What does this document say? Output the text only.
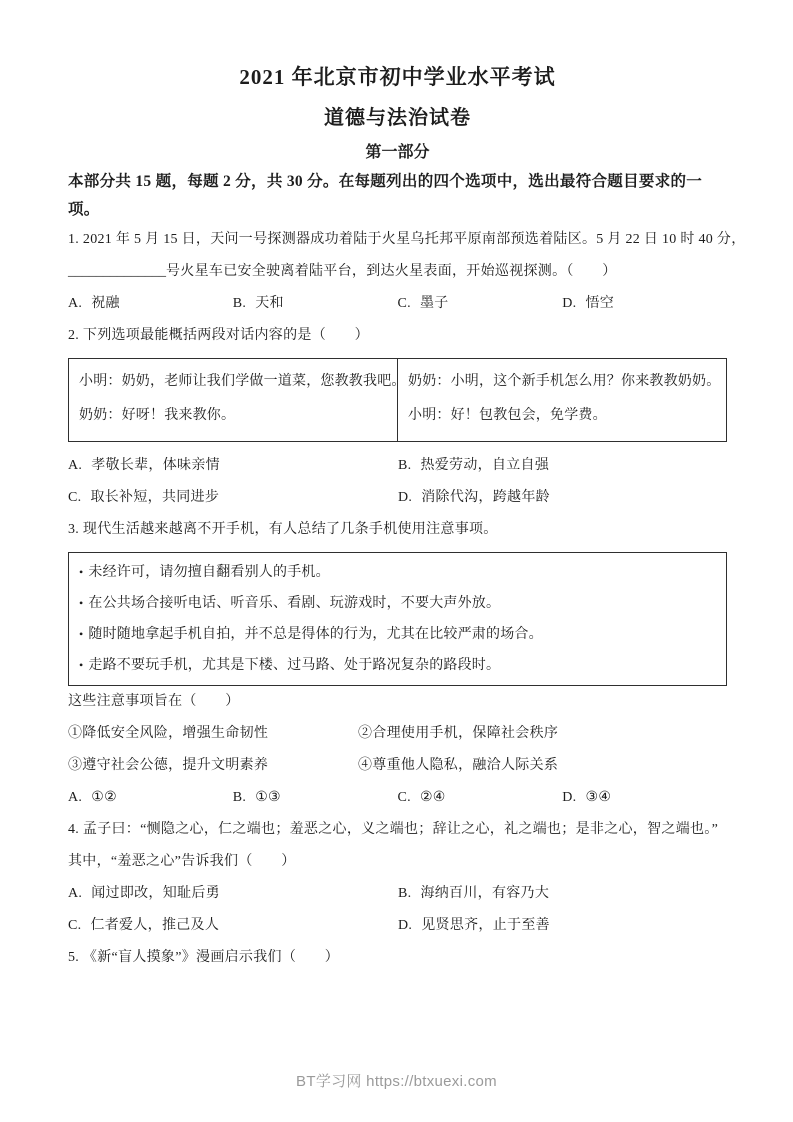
2021 年北京市初中学业水平考试
道德与法治试卷
第一部分
本部分共 15 题，每题 2 分，共 30 分。在每题列出的四个选项中，选出最符合题目要求的一项。
1. 2021 年 5 月 15 日，天问一号探测器成功着陆于火星乌托邦平原南部预选着陆区。5 月 22 日 10 时 40 分，
______________号火星车已安全驶离着陆平台，到达火星表面，开始巡视探测。（　　）
A. 祝融	B. 天和	C. 墨子	D. 悟空
2. 下列选项最能概括两段对话内容的是（　　）
小明：奶奶，老师让我们学做一道菜，您教教我吧。
奶奶：好呀！我来教你。

奶奶：小明，这个新手机怎么用？你来教教奶奶。
小明：好！包教包会，免学费。
A. 孝敬长辈，体味亲情	B. 热爱劳动，自立自强
C. 取长补短，共同进步	D. 消除代沟，跨越年龄
3. 现代生活越来越离不开手机，有人总结了几条手机使用注意事项。
• 未经许可，请勿擅自翻看别人的手机。
• 在公共场合接听电话、听音乐、看剧、玩游戏时，不要大声外放。
• 随时随地拿起手机自拍，并不总是得体的行为，尤其在比较严肃的场合。
• 走路不要玩手机，尤其是下楼、过马路、处于路况复杂的路段时。
这些注意事项旨在（　　）
①降低安全风险，增强生命韧性	②合理使用手机，保障社会秩序
③遵守社会公德，提升文明素养	④尊重他人隐私，融洽人际关系
A. ①②	B. ①③	C. ②④	D. ③④
4. 孟子曰：“恻隐之心，仁之端也；羞恶之心，义之端也；辞让之心，礼之端也；是非之心，智之端也。”
其中，“羞恶之心”告诉我们（　　）
A. 闻过即改，知耻后勇	B. 海纳百川，有容乃大
C. 仁者爱人，推己及人	D. 见贤思齐，止于至善
5. 《新“盲人摸象”》漫画启示我们（　　）
BT学习网 https://btxuexi.com
